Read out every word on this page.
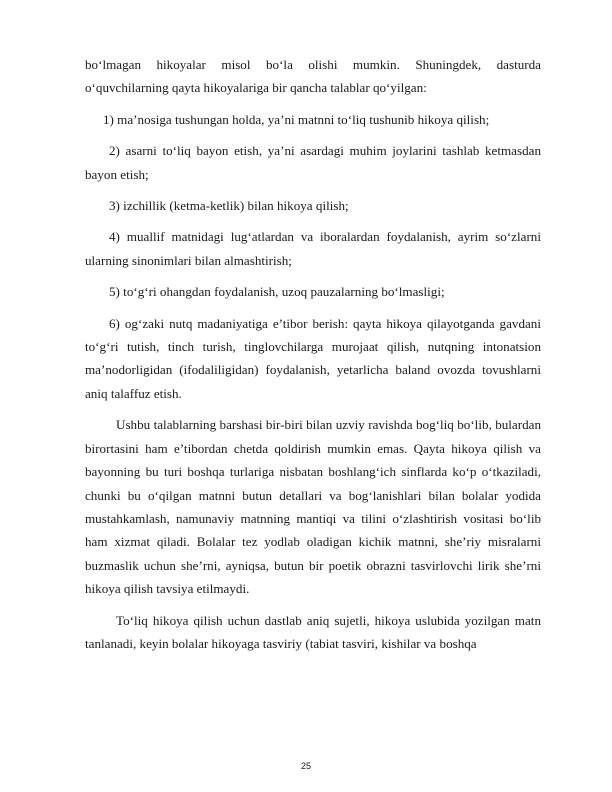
boʻlmagan hikoyalar misol boʻla olishi mumkin. Shuningdek, dasturda oʻquvchilarning qayta hikoyalariga bir qancha talablar qoʻyilgan:

1) ma’nosiga tushungan holda, ya’ni matnni toʻliq tushunib hikoya qilish;

2) asarni toʻliq bayon etish, ya’ni asardagi muhim joylarini tashlab ketmasdan bayon etish;

3) izchillik (ketma-ketlik) bilan hikoya qilish;

4) muallif matnidagi lugʻatlardan va iboralardan foydalanish, ayrim soʻzlarni ularning sinonimlari bilan almashtirish;

5) toʻgʻri ohangdan foydalanish, uzoq pauzalarning boʻlmasligi;

6) ogʻzaki nutq madaniyatiga e’tibor berish: qayta hikoya qilayotganda gavdani toʻgʻri tutish, tinch turish, tinglovchilarga murojaat qilish, nutqning intonatsion ma’nodorligidan (ifodaliligidan) foydalanish, yetarlicha baland ovozda tovushlarni aniq talaffuz etish.

Ushbu talablarning barshasi bir-biri bilan uzviy ravishda bogʻliq boʻlib, bulardan birortasini ham e’tibordan chetda qoldirish mumkin emas. Qayta hikoya qilish va bayonning bu turi boshqa turlariga nisbatan boshlangʻich sinflarda koʻp oʻtkaziladi, chunki bu oʻqilgan matnni butun detallari va bogʻlanishlari bilan bolalar yodida mustahkamlash, namunaviy matnning mantiqi va tilini oʻzlashtirish vositasi boʻlib ham xizmat qiladi. Bolalar tez yodlab oladigan kichik matnni, she’riy misralarni buzmaslik uchun she’rni, ayniqsa, butun bir poetik obrazni tasvirlovchi lirik she’rni hikoya qilish tavsiya etilmaydi.

Toʻliq hikoya qilish uchun dastlab aniq sujetli, hikoya uslubida yozilgan matn tanlanadi, keyin bolalar hikoyaga tasviriy (tabiat tasviri, kishilar va boshqa

25
